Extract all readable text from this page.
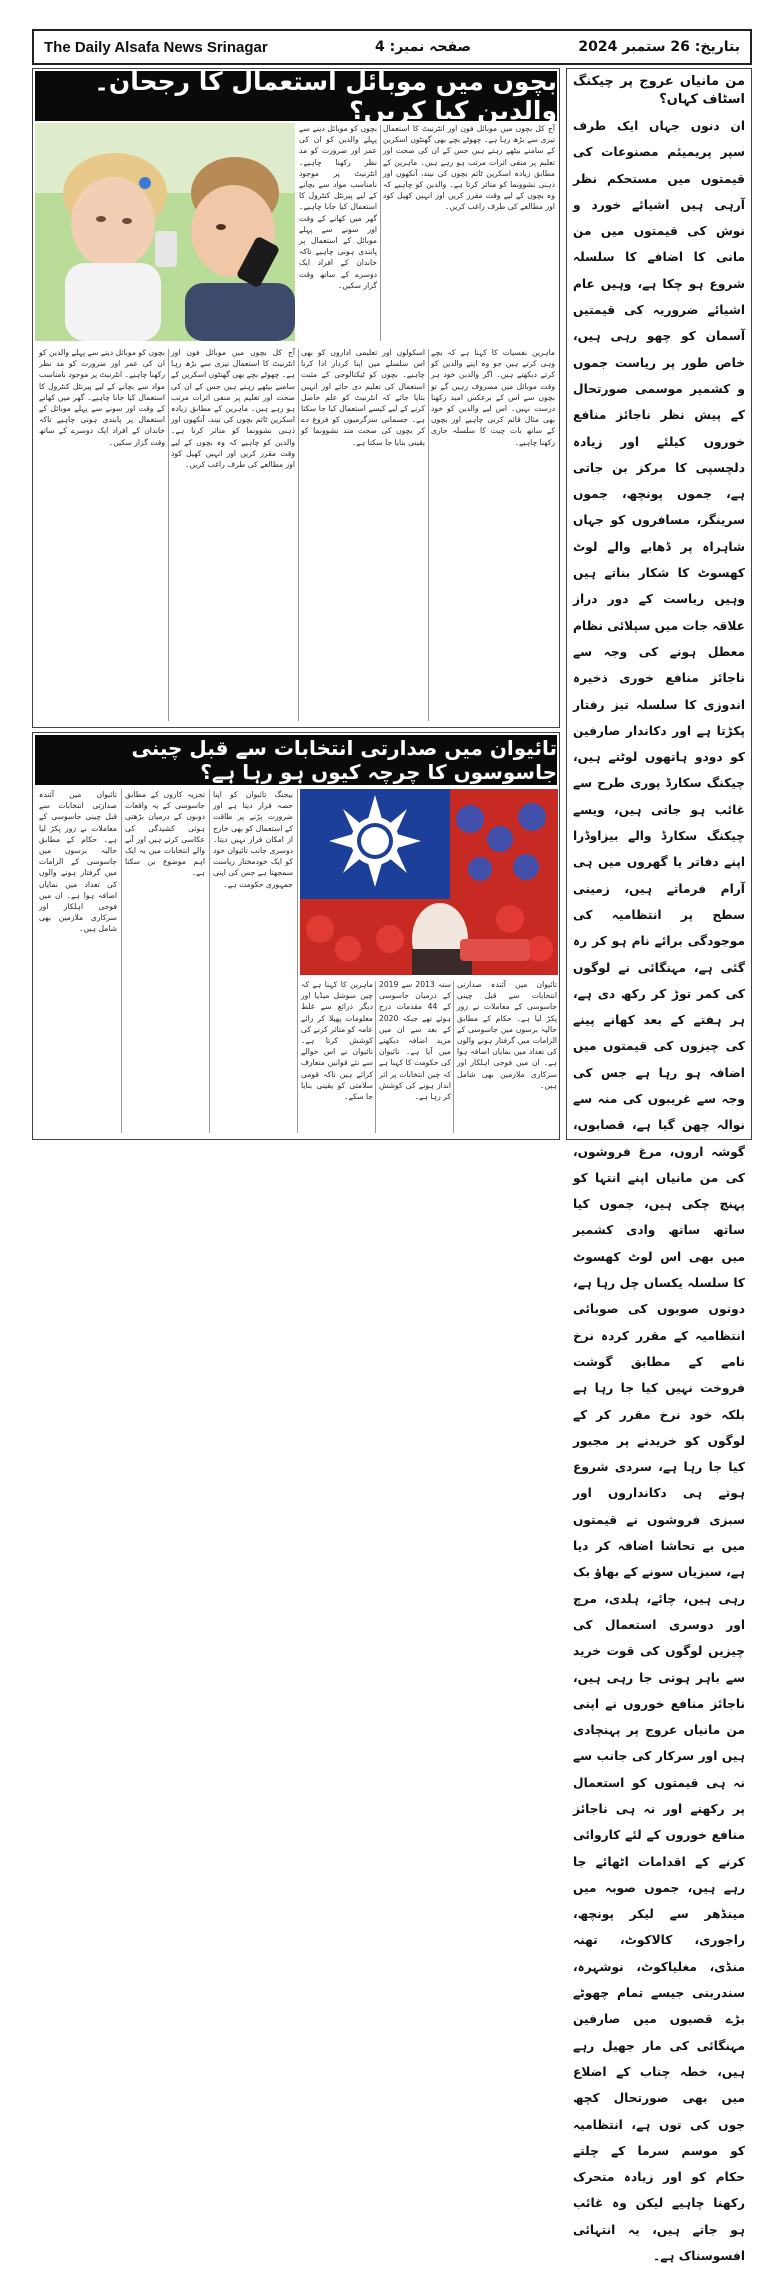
The Daily Alsafa News Srinagar	صفحہ نمبر: 4	بتاریخ: 26 ستمبر 2024
من مانیاں عروج پر چیکنگ اسٹاف کہاں؟
ان دنوں جہاں ایک طرف سپر پریمیئم مصنوعات کی قیمتوں میں مستحکم نظر آرہی ہیں اشیائے خورد و نوش کی قیمتوں میں من مانی کا اضافے کا سلسلہ شروع ہو چکا ہے، وہیں عام اشیائے ضروریہ کی قیمتیں آسمان کو چھو رہی ہیں، خاص طور پر ریاست جموں و کشمیر موسمی صورتحال کے پیش نظر ناجائز منافع خوروں کیلئے اور زیادہ دلچسپی کا مرکز بن جاتی ہے، جموں پونچھ، جموں سرینگر، مسافروں کو جہاں شاہراہ پر ڈھابے والے لوٹ کھسوٹ کا شکار بناتے ہیں وہیں ریاست کے دور دراز علاقہ جات میں سپلائی نظام معطل ہونے کی وجہ سے ناجائز منافع خوری ذخیرہ اندوزی کا سلسلہ تیز رفتار پکڑتا ہے اور دکاندار صارفین کو دودو ہاتھوں لوٹتے ہیں، چیکنگ سکارڈ پوری طرح سے غائب ہو جاتی ہیں، ویسے چیکنگ سکارڈ والے بیزاوڈرا اپنے دفاتر یا گھروں میں ہی آرام فرماتے ہیں، زمینی سطح پر انتظامیہ کی موجودگی برائے نام ہو کر رہ گئی ہے، مہنگائی نے لوگوں کی کمر توڑ کر رکھ دی ہے، ہر ہفتے کے بعد کھانے پینے کی چیزوں کی قیمتوں میں اضافہ ہو رہا ہے جس کی وجہ سے غریبوں کی منہ سے نوالہ چھن گیا ہے، قصابوں، گوشہ اروں، مرغ فروشوں، کی من مانیاں اپنے انتہا کو پہنچ چکی ہیں، جموں کیا ساتھ ساتھ وادی کشمیر میں بھی اس لوٹ کھسوٹ کا سلسلہ یکساں چل رہا ہے، دونوں صوبوں کی صوبائی انتظامیہ کے مقرر کردہ نرخ نامے کے مطابق گوشت فروخت نہیں کیا جا رہا ہے بلکہ خود نرخ مقرر کر کے لوگوں کو خریدنے پر مجبور کیا جا رہا ہے، سردی شروع ہوتے ہی دکانداروں اور سبزی فروشوں نے قیمتوں میں بے تحاشا اضافہ کر دیا ہے، سبزیاں سونے کے بھاؤ بک رہی ہیں، چائے، ہلدی، مرچ اور دوسری استعمال کی چیزیں لوگوں کی قوت خرید سے باہر ہوتی جا رہی ہیں، ناجائز منافع خوروں نے اپنی من مانیاں عروج پر پہنچادی ہیں اور سرکار کی جانب سے نہ ہی قیمتوں کو استعمال پر رکھنے اور نہ ہی ناجائز منافع خوروں کے لئے کاروائی کرنے کے اقدامات اٹھائے جا رہے ہیں، جموں صوبہ میں مینڈھر سے لیکر پونچھ، راجوری، کالاکوٹ، تھنہ منڈی، مغلیاکوٹ، نوشہرہ، سندربنی جیسے تمام چھوٹے بڑے قصبوں میں صارفین مہنگائی کی مار جھیل رہے ہیں، خطہ چناب کے اضلاع میں بھی صورتحال کچھ جوں کی توں ہے، انتظامیہ کو موسم سرما کے چلتے حکام کو اور زیادہ متحرک رکھنا چاہیے لیکن وہ غائب ہو جاتے ہیں، یہ انتہائی افسوسناک ہے۔
بچوں میں موبائل استعمال کا رجحان۔ والدین کیا کریں؟
آج کل بچوں میں موبائل فون اور انٹرنیٹ کا استعمال تیزی سے بڑھ رہا ہے۔ چھوٹے بچے بھی گھنٹوں اسکرین کے سامنے بیٹھے رہتے ہیں جس کے ان کی صحت اور تعلیم پر منفی اثرات مرتب ہو رہے ہیں۔ ماہرین کے مطابق زیادہ اسکرین ٹائم بچوں کی نیند، آنکھوں اور ذہنی نشوونما کو متاثر کرتا ہے۔ والدین کو چاہیے کہ وہ بچوں کے لیے وقت مقرر کریں اور انہیں کھیل کود اور مطالعے کی طرف راغب کریں۔
بچوں کو موبائل دینے سے پہلے والدین کو ان کی عمر اور ضرورت کو مد نظر رکھنا چاہیے۔ انٹرنیٹ پر موجود نامناسب مواد سے بچانے کے لیے پیرنٹل کنٹرول کا استعمال کیا جانا چاہیے۔ گھر میں کھانے کے وقت اور سونے سے پہلے موبائل کے استعمال پر پابندی ہونی چاہیے تاکہ خاندان کے افراد ایک دوسرے کے ساتھ وقت گزار سکیں۔
ماہرین نفسیات کا کہنا ہے کہ بچے وہی کرتے ہیں جو وہ اپنے والدین کو کرتے دیکھتے ہیں۔ اگر والدین خود ہر وقت موبائل میں مصروف رہیں گے تو بچوں سے اس کے برعکس امید رکھنا درست نہیں۔ اس لیے والدین کو خود بھی مثال قائم کرنی چاہیے اور بچوں کے ساتھ بات چیت کا سلسلہ جاری رکھنا چاہیے۔
اسکولوں اور تعلیمی اداروں کو بھی اس سلسلے میں اپنا کردار ادا کرنا چاہیے۔ بچوں کو ٹیکنالوجی کے مثبت استعمال کی تعلیم دی جائے اور انہیں بتایا جائے کہ انٹرنیٹ کو علم حاصل کرنے کے لیے کیسے استعمال کیا جا سکتا ہے۔ جسمانی سرگرمیوں کو فروغ دے کر بچوں کی صحت مند نشوونما کو یقینی بنایا جا سکتا ہے۔
آج کل بچوں میں موبائل فون اور انٹرنیٹ کا استعمال تیزی سے بڑھ رہا ہے۔ چھوٹے بچے بھی گھنٹوں اسکرین کے سامنے بیٹھے رہتے ہیں جس کے ان کی صحت اور تعلیم پر منفی اثرات مرتب ہو رہے ہیں۔ ماہرین کے مطابق زیادہ اسکرین ٹائم بچوں کی نیند، آنکھوں اور ذہنی نشوونما کو متاثر کرتا ہے۔ والدین کو چاہیے کہ وہ بچوں کے لیے وقت مقرر کریں اور انہیں کھیل کود اور مطالعے کی طرف راغب کریں۔
بچوں کو موبائل دینے سے پہلے والدین کو ان کی عمر اور ضرورت کو مد نظر رکھنا چاہیے۔ انٹرنیٹ پر موجود نامناسب مواد سے بچانے کے لیے پیرنٹل کنٹرول کا استعمال کیا جانا چاہیے۔ گھر میں کھانے کے وقت اور سونے سے پہلے موبائل کے استعمال پر پابندی ہونی چاہیے تاکہ خاندان کے افراد ایک دوسرے کے ساتھ وقت گزار سکیں۔
تائیوان میں صدارتی انتخابات سے قبل چینی جاسوسوں کا چرچہ کیوں ہو رہا ہے؟
تائیوان میں آئندہ صدارتی انتخابات سے قبل چینی جاسوسی کے معاملات نے زور پکڑ لیا ہے۔ حکام کے مطابق حالیہ برسوں میں جاسوسی کے الزامات میں گرفتار ہونے والوں کی تعداد میں نمایاں اضافہ ہوا ہے۔ ان میں فوجی اہلکار اور سرکاری ملازمین بھی شامل ہیں۔
سنہ 2013 سے 2019 کے درمیان جاسوسی کے 44 مقدمات درج ہوئے تھے جبکہ 2020 کے بعد سے ان میں مزید اضافہ دیکھنے میں آیا ہے۔ تائیوان کی حکومت کا کہنا ہے کہ چین انتخابات پر اثر انداز ہونے کی کوشش کر رہا ہے۔
ماہرین کا کہنا ہے کہ چین سوشل میڈیا اور دیگر ذرائع سے غلط معلومات پھیلا کر رائے عامہ کو متاثر کرنے کی کوشش کرتا ہے۔ تائیوان نے اس حوالے سے نئے قوانین متعارف کرائے ہیں تاکہ قومی سلامتی کو یقینی بنایا جا سکے۔
بیجنگ تائیوان کو اپنا حصہ قرار دیتا ہے اور ضرورت پڑنے پر طاقت کے استعمال کو بھی خارج از امکان قرار نہیں دیتا۔ دوسری جانب تائیوان خود کو ایک خودمختار ریاست سمجھتا ہے جس کی اپنی جمہوری حکومت ہے۔
تجزیہ کاروں کے مطابق جاسوسی کے یہ واقعات دونوں کے درمیان بڑھتی ہوئی کشیدگی کی عکاسی کرتے ہیں اور آنے والے انتخابات میں یہ ایک اہم موضوع بن سکتا ہے۔
تائیوان میں آئندہ صدارتی انتخابات سے قبل چینی جاسوسی کے معاملات نے زور پکڑ لیا ہے۔ حکام کے مطابق حالیہ برسوں میں جاسوسی کے الزامات میں گرفتار ہونے والوں کی تعداد میں نمایاں اضافہ ہوا ہے۔ ان میں فوجی اہلکار اور سرکاری ملازمین بھی شامل ہیں۔
